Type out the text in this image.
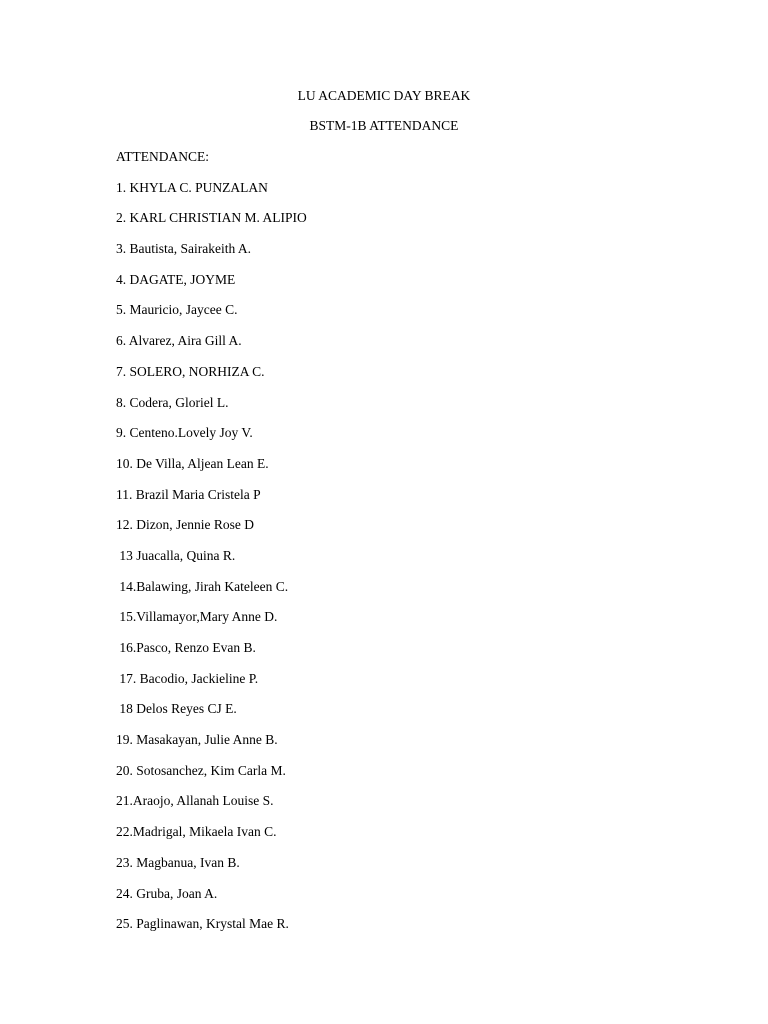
LU ACADEMIC DAY BREAK
BSTM-1B ATTENDANCE
ATTENDANCE:
1. KHYLA C. PUNZALAN
2. KARL CHRISTIAN M. ALIPIO
3. Bautista, Sairakeith A.
4. DAGATE, JOYME
5. Mauricio, Jaycee C.
6. Alvarez, Aira Gill A.
7. SOLERO, NORHIZA C.
8. Codera, Gloriel L.
9. Centeno.Lovely Joy V.
10. De Villa, Aljean Lean E.
11. Brazil Maria Cristela P
12. Dizon, Jennie Rose D
13 Juacalla, Quina R.
14.Balawing, Jirah Kateleen C.
15.Villamayor,Mary Anne D.
16.Pasco, Renzo Evan B.
17. Bacodio, Jackieline P.
18 Delos Reyes CJ E.
19. Masakayan, Julie Anne B.
20. Sotosanchez, Kim Carla M.
21.Araojo, Allanah Louise S.
22.Madrigal, Mikaela Ivan C.
23. Magbanua, Ivan B.
24. Gruba, Joan A.
25. Paglinawan, Krystal Mae R.
